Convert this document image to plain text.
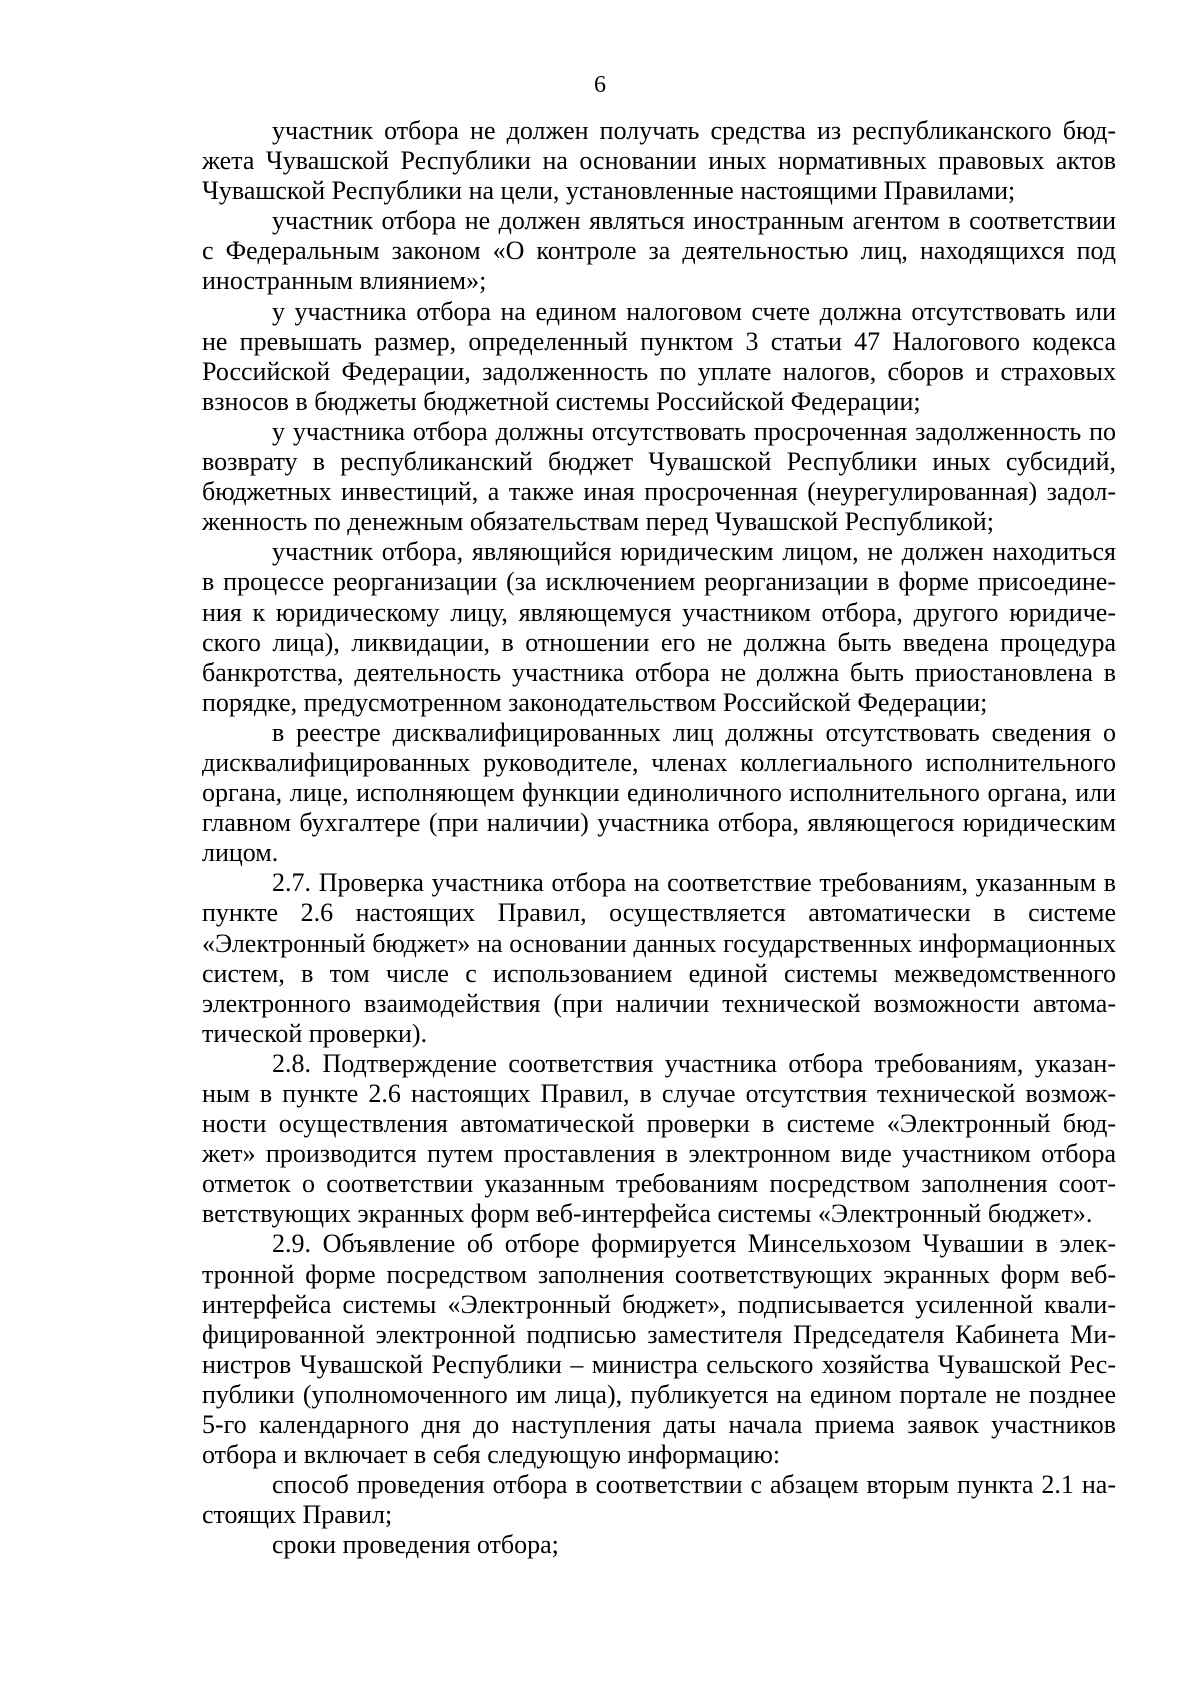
6

участник отбора не должен получать средства из республиканского бюджета Чувашской Республики на основании иных нормативных правовых актов Чувашской Республики на цели, установленные настоящими Правилами;

участник отбора не должен являться иностранным агентом в соответствии с Федеральным законом «О контроле за деятельностью лиц, находящихся под иностранным влиянием»;

у участника отбора на едином налоговом счете должна отсутствовать или не превышать размер, определенный пунктом 3 статьи 47 Налогового кодекса Российской Федерации, задолженность по уплате налогов, сборов и страховых взносов в бюджеты бюджетной системы Российской Федерации;

у участника отбора должны отсутствовать просроченная задолженность по возврату в республиканский бюджет Чувашской Республики иных субсидий, бюджетных инвестиций, а также иная просроченная (неурегулированная) задолженность по денежным обязательствам перед Чувашской Республикой;

участник отбора, являющийся юридическим лицом, не должен находиться в процессе реорганизации (за исключением реорганизации в форме присоединения к юридическому лицу, являющемуся участником отбора, другого юридического лица), ликвидации, в отношении его не должна быть введена процедура банкротства, деятельность участника отбора не должна быть приостановлена в порядке, предусмотренном законодательством Российской Федерации;

в реестре дисквалифицированных лиц должны отсутствовать сведения о дисквалифицированных руководителе, членах коллегиального исполнительного органа, лице, исполняющем функции единоличного исполнительного органа, или главном бухгалтере (при наличии) участника отбора, являющегося юридическим лицом.

2.7. Проверка участника отбора на соответствие требованиям, указанным в пункте 2.6 настоящих Правил, осуществляется автоматически в системе «Электронный бюджет» на основании данных государственных информационных систем, в том числе с использованием единой системы межведомственного электронного взаимодействия (при наличии технической возможности автоматической проверки).

2.8. Подтверждение соответствия участника отбора требованиям, указанным в пункте 2.6 настоящих Правил, в случае отсутствия технической возможности осуществления автоматической проверки в системе «Электронный бюджет» производится путем проставления в электронном виде участником отбора отметок о соответствии указанным требованиям посредством заполнения соответствующих экранных форм веб-интерфейса системы «Электронный бюджет».

2.9. Объявление об отборе формируется Минсельхозом Чувашии в электронной форме посредством заполнения соответствующих экранных форм веб-интерфейса системы «Электронный бюджет», подписывается усиленной квалифицированной электронной подписью заместителя Председателя Кабинета Министров Чувашской Республики – министра сельского хозяйства Чувашской Республики (уполномоченного им лица), публикуется на едином портале не позднее 5-го календарного дня до наступления даты начала приема заявок участников отбора и включает в себя следующую информацию:

способ проведения отбора в соответствии с абзацем вторым пункта 2.1 настоящих Правил;

сроки проведения отбора;
